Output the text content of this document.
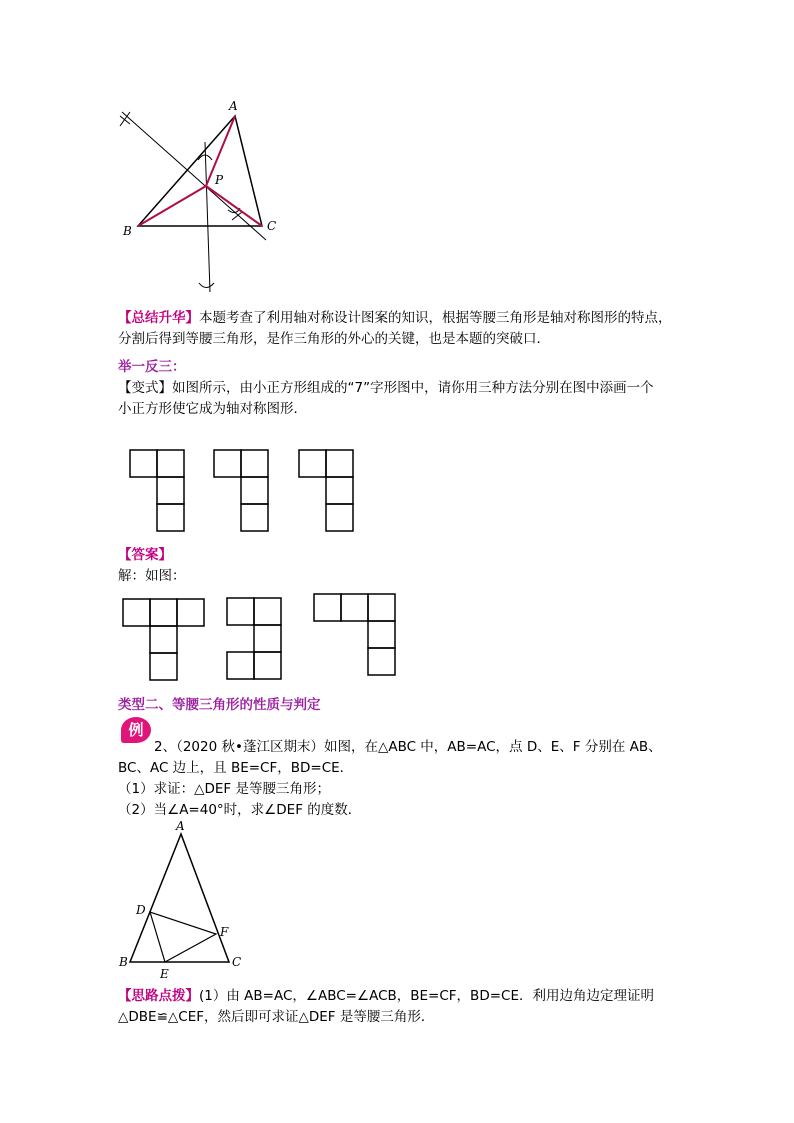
A
B	C
P
【总结升华】本题考查了利用轴对称设计图案的知识，根据等腰三角形是轴对称图形的特点，
分割后得到等腰三角形，是作三角形的外心的关键，也是本题的突破口．
举一反三：
【变式】如图所示，由小正方形组成的“7”字形图中，请你用三种方法分别在图中添画一个
小正方形使它成为轴对称图形．
【答案】
解：如图：
类型二、等腰三角形的性质与判定
例
2、（2020 秋•蓬江区期末）如图，在△ABC 中，AB=AC，点 D、E、F 分别在 AB、
BC、AC 边上，且 BE=CF，BD=CE．
（1）求证：△DEF 是等腰三角形；
（2）当∠A=40°时，求∠DEF 的度数．
A
B	C
D
E
F
【思路点拨】(1）由 AB=AC，∠ABC=∠ACB，BE=CF，BD=CE．利用边角边定理证明
△DBE≌△CEF，然后即可求证△DEF 是等腰三角形．
